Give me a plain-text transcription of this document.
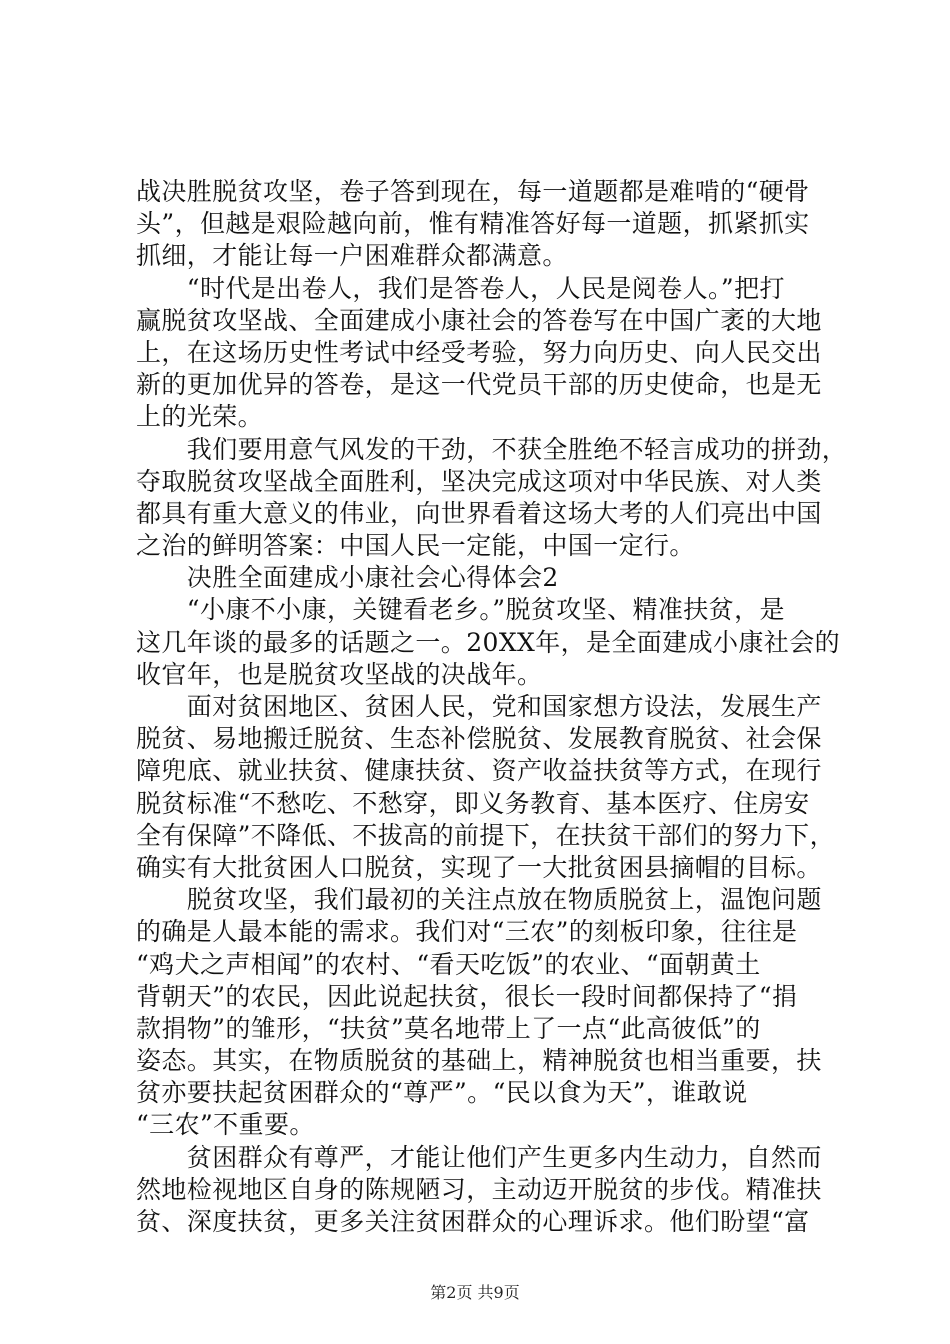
战决胜脱贫攻坚，卷子答到现在，每一道题都是难啃的“硬骨
头”，但越是艰险越向前，惟有精准答好每一道题，抓紧抓实
抓细，才能让每一户困难群众都满意。
　　“时代是出卷人，我们是答卷人，人民是阅卷人。”把打
赢脱贫攻坚战、全面建成小康社会的答卷写在中国广袤的大地
上，在这场历史性考试中经受考验，努力向历史、向人民交出
新的更加优异的答卷，是这一代党员干部的历史使命，也是无
上的光荣。
　　我们要用意气风发的干劲，不获全胜绝不轻言成功的拼劲，
夺取脱贫攻坚战全面胜利，坚决完成这项对中华民族、对人类
都具有重大意义的伟业，向世界看着这场大考的人们亮出中国
之治的鲜明答案：中国人民一定能，中国一定行。
　　决胜全面建成小康社会心得体会2
　　“小康不小康，关键看老乡。”脱贫攻坚、精准扶贫，是
这几年谈的最多的话题之一。20XX年，是全面建成小康社会的
收官年，也是脱贫攻坚战的决战年。
　　面对贫困地区、贫困人民，党和国家想方设法，发展生产
脱贫、易地搬迁脱贫、生态补偿脱贫、发展教育脱贫、社会保
障兜底、就业扶贫、健康扶贫、资产收益扶贫等方式，在现行
脱贫标准“不愁吃、不愁穿，即义务教育、基本医疗、住房安
全有保障”不降低、不拔高的前提下，在扶贫干部们的努力下，
确实有大批贫困人口脱贫，实现了一大批贫困县摘帽的目标。
　　脱贫攻坚，我们最初的关注点放在物质脱贫上，温饱问题
的确是人最本能的需求。我们对“三农”的刻板印象，往往是
“鸡犬之声相闻”的农村、“看天吃饭”的农业、“面朝黄土
背朝天”的农民，因此说起扶贫，很长一段时间都保持了“捐
款捐物”的雏形，“扶贫”莫名地带上了一点“此高彼低”的
姿态。其实，在物质脱贫的基础上，精神脱贫也相当重要，扶
贫亦要扶起贫困群众的“尊严”。“民以食为天”，谁敢说
“三农”不重要。
　　贫困群众有尊严，才能让他们产生更多内生动力，自然而
然地检视地区自身的陈规陋习，主动迈开脱贫的步伐。精准扶
贫、深度扶贫，更多关注贫困群众的心理诉求。他们盼望“富
第2页 共9页
